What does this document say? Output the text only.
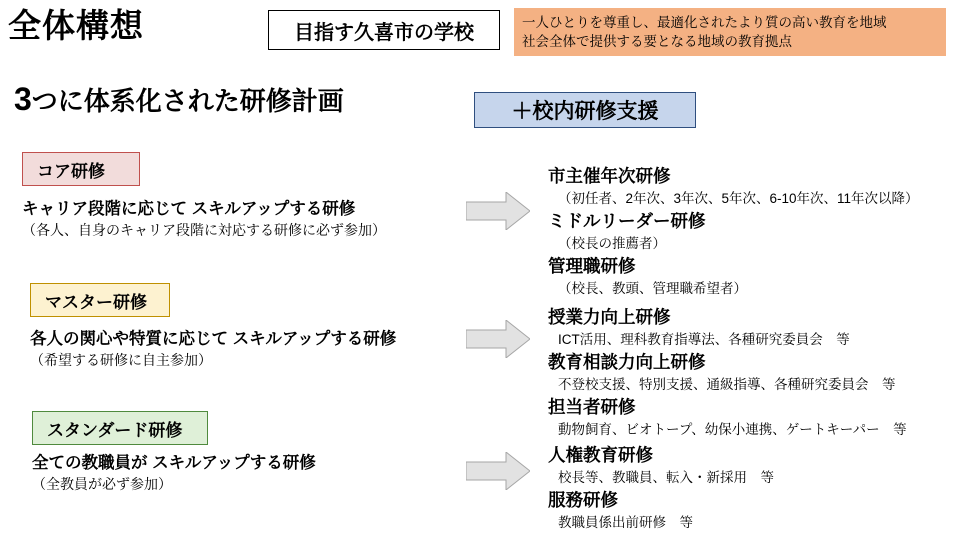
全体構想	目指す久喜市の学校	一人ひとりを尊重し、最適化されたより質の高い教育を地域
社会全体で提供する要となる地域の教育拠点
3つに体系化された研修計画	＋校内研修支援
コア研修
キャリア段階に応じて スキルアップする研修
（各人、自身のキャリア段階に対応する研修に必ず参加）
マスター研修
各人の関心や特質に応じて スキルアップする研修
（希望する研修に自主参加）
スタンダード研修
全ての教職員が スキルアップする研修
（全教員が必ず参加）
市主催年次研修
（初任者、2年次、3年次、5年次、6-10年次、11年次以降）
ミドルリーダー研修
（校長の推薦者）
管理職研修
（校長、教頭、管理職希望者）
授業力向上研修
ICT活用、理科教育指導法、各種研究委員会　等
教育相談力向上研修
不登校支援、特別支援、通級指導、各種研究委員会　等
担当者研修
動物飼育、ビオトープ、幼保小連携、ゲートキーパー　等
人権教育研修
校長等、教職員、転入・新採用　等
服務研修
教職員係出前研修　等
